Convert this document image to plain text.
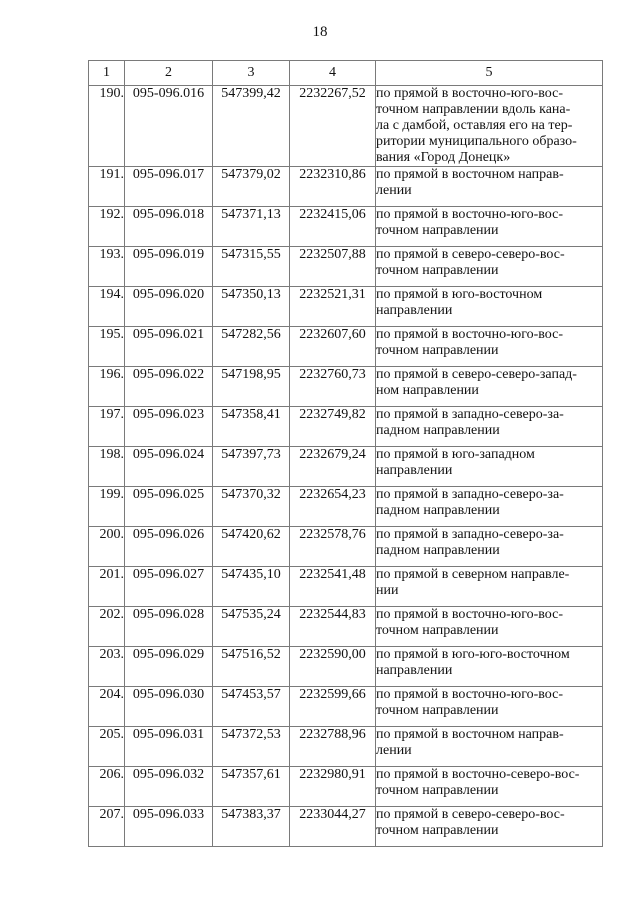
18
1	2	3	4	5
190.	095-096.016	547399,42	2232267,52	по прямой в восточно-юго-вос-
точном направлении вдоль кана-
ла с дамбой, оставляя его на тер-
ритории муниципального образо-
вания «Город Донецк»

191.	095-096.017	547379,02	2232310,86	по прямой в восточном направ-
лении

192.	095-096.018	547371,13	2232415,06	по прямой в восточно-юго-вос-
точном направлении

193.	095-096.019	547315,55	2232507,88	по прямой в северо-северо-вос-
точном направлении

194.	095-096.020	547350,13	2232521,31	по прямой в юго-восточном
направлении

195.	095-096.021	547282,56	2232607,60	по прямой в восточно-юго-вос-
точном направлении

196.	095-096.022	547198,95	2232760,73	по прямой в северо-северо-запад-
ном направлении

197.	095-096.023	547358,41	2232749,82	по прямой в западно-северо-за-
падном направлении

198.	095-096.024	547397,73	2232679,24	по прямой в юго-западном
направлении

199.	095-096.025	547370,32	2232654,23	по прямой в западно-северо-за-
падном направлении

200.	095-096.026	547420,62	2232578,76	по прямой в западно-северо-за-
падном направлении

201.	095-096.027	547435,10	2232541,48	по прямой в северном направле-
нии

202.	095-096.028	547535,24	2232544,83	по прямой в восточно-юго-вос-
точном направлении

203.	095-096.029	547516,52	2232590,00	по прямой в юго-юго-восточном
направлении

204.	095-096.030	547453,57	2232599,66	по прямой в восточно-юго-вос-
точном направлении

205.	095-096.031	547372,53	2232788,96	по прямой в восточном направ-
лении

206.	095-096.032	547357,61	2232980,91	по прямой в восточно-северо-вос-
точном направлении

207.	095-096.033	547383,37	2233044,27	по прямой в северо-северо-вос-
точном направлении
